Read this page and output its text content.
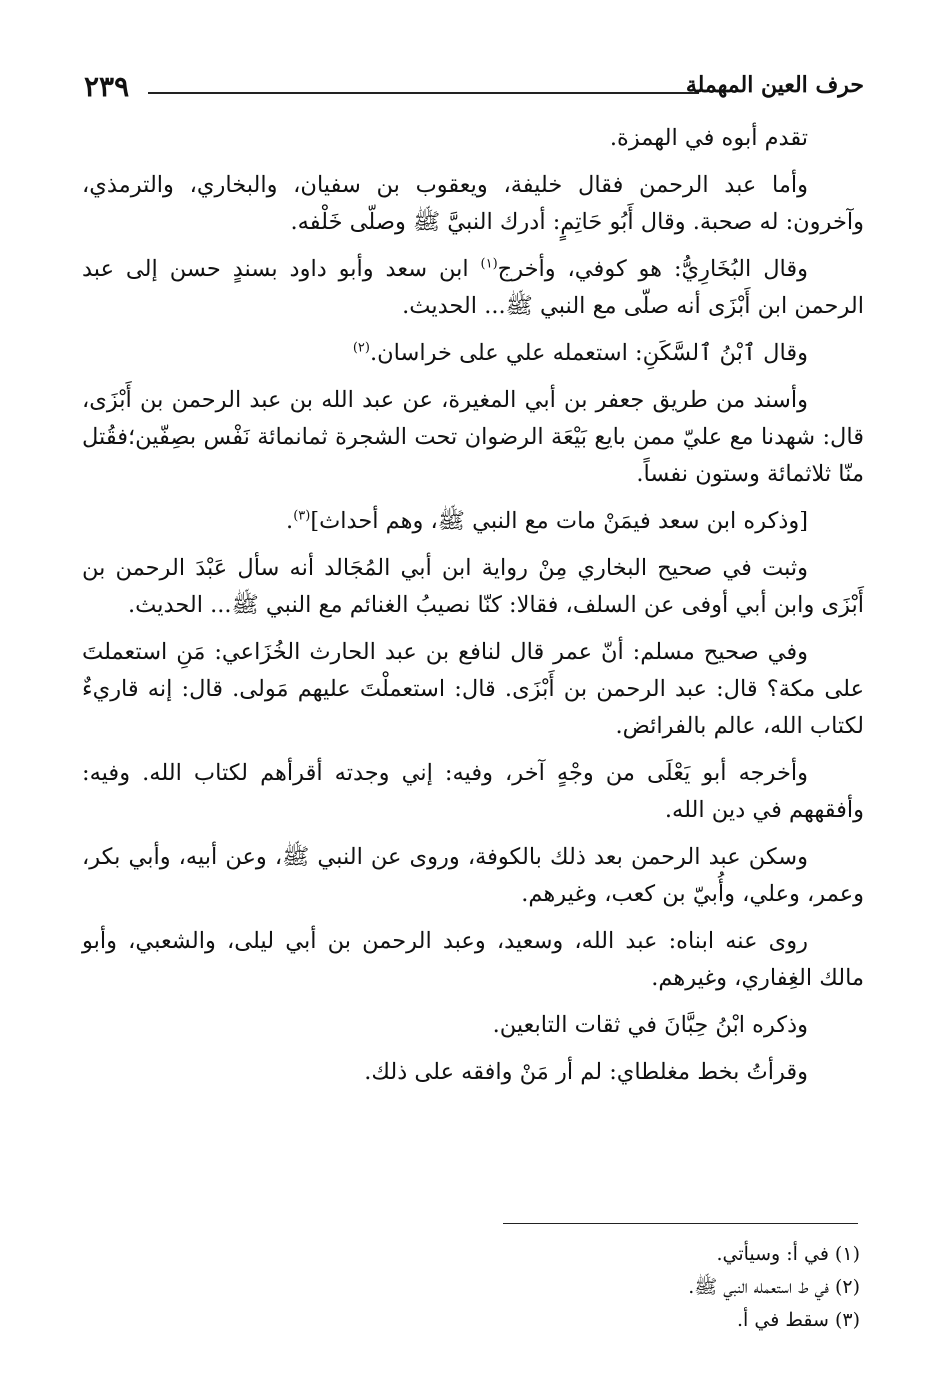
٢٣٩	حرف العين المهملة

تقدم أبوه في الهمزة.

وأما عبد الرحمن فقال خليفة، ويعقوب بن سفيان، والبخاري، والترمذي، وآخرون: له صحبة. وقال أَبُو حَاتِمٍ: أدرك النبيَّ ﷺ وصلّى خَلْفه.

وقال البُخَارِيُّ: هو كوفي، وأخرج$^{(١)}$ ابن سعد وأبو داود بسندٍ حسن إلى عبد الرحمن ابن أَبْزَى أنه صلّى مع النبي ﷺ... الحديث.

وقال ٱبْنُ ٱلسَّكَنِ: استعمله علي على خراسان.$^{(٢)}$

وأسند من طريق جعفر بن أبي المغيرة، عن عبد الله بن عبد الرحمن بن أَبْزَى، قال: شهدنا مع عليّ ممن بايع بَيْعَة الرضوان تحت الشجرة ثمانمائة نَفْس بصِفّين؛فقُتل منّا ثلاثمائة وستون نفساً.

[وذكره ابن سعد فيمَنْ مات مع النبي ﷺ، وهم أحداث]$^{(٣)}$.

وثبت في صحيح البخاري مِنْ رواية ابن أبي المُجَالد أنه سأل عَبْدَ الرحمن بن أَبْزَى وابن أبي أوفى عن السلف، فقالا: كنّا نصيبُ الغنائم مع النبي ﷺ... الحديث.

وفي صحيح مسلم: أنّ عمر قال لنافع بن عبد الحارث الخُزَاعي: مَنِ استعملتَ على مكة؟ قال: عبد الرحمن بن أَبْزَى. قال: استعملْتَ عليهم مَولى. قال: إنه قاريءٌ لكتاب الله، عالم بالفرائض.

وأخرجه أبو يَعْلَى من وجْهٍ آخر، وفيه: إني وجدته أقرأهم لكتاب الله. وفيه: وأفقههم في دين الله.

وسكن عبد الرحمن بعد ذلك بالكوفة، وروى عن النبي ﷺ، وعن أبيه، وأبي بكر، وعمر، وعلي، وأُبيّ بن كعب، وغيرهم.

روى عنه ابناه: عبد الله، وسعيد، وعبد الرحمن بن أبي ليلى، والشعبي، وأبو مالك الغِفاري، وغيرهم.

وذكره ابْنُ حِبَّانَ في ثقات التابعين.

وقرأتُ بخط مغلطاي: لم أر مَنْ وافقه على ذلك.

(١) في أ: وسيأتي.

(٢) في ط استعمله النبي ﷺ.

(٣) سقط في أ.
